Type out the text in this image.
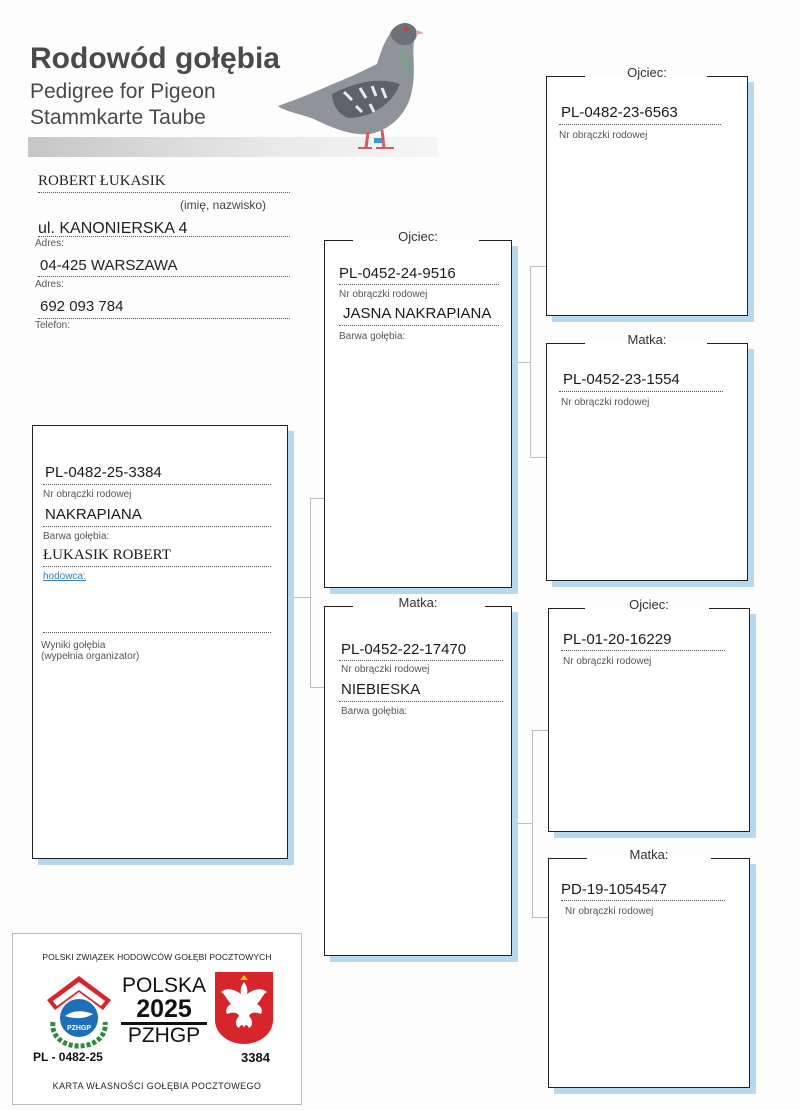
Rodowód gołębia
Pedigree for Pigeon
Stammkarte Taube
ROBERT ŁUKASIK
(imię, nazwisko)
ul. KANONIERSKA 4
Adres:
04-425 WARSZAWA
Adres:
692 093 784
Telefon:
PL-0482-25-3384
Nr obrączki rodowej
NAKRAPIANA
Barwa gołębia:
ŁUKASIK ROBERT
hodowca:
Wyniki gołębia
(wypełnia organizator)
Ojciec:
PL-0452-24-9516
Nr obrączki rodowej
JASNA NAKRAPIANA
Barwa gołębia:
Matka:
PL-0452-22-17470
Nr obrączki rodowej
NIEBIESKA
Barwa gołębia:
Ojciec:
PL-0482-23-6563
Nr obrączki rodowej
Matka:
PL-0452-23-1554
Nr obrączki rodowej
Ojciec:
PL-01-20-16229
Nr obrączki rodowej
Matka:
PD-19-1054547
Nr obrączki rodowej
POLSKI ZWIĄZEK HODOWCÓW GOŁĘBI POCZTOWYCH
PZHGP
POLSKA
2025
PZHGP
PL - 0482-25	3384
KARTA WŁASNOŚCI GOŁĘBIA POCZTOWEGO
